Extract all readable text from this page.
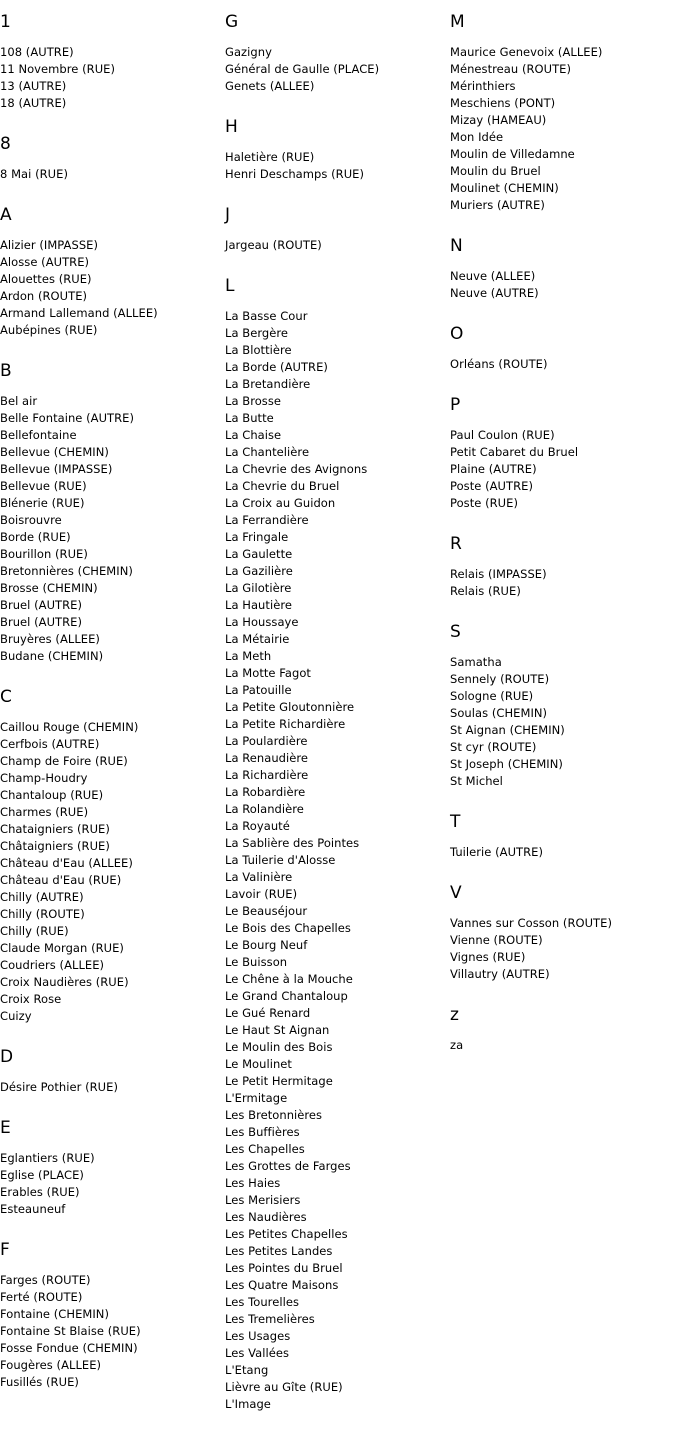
1
108 (AUTRE)
11 Novembre (RUE)
13 (AUTRE)
18 (AUTRE)
8
8 Mai (RUE)
A
Alizier (IMPASSE)
Alosse (AUTRE)
Alouettes (RUE)
Ardon (ROUTE)
Armand Lallemand (ALLEE)
Aubépines (RUE)
B
Bel air
Belle Fontaine (AUTRE)
Bellefontaine
Bellevue (CHEMIN)
Bellevue (IMPASSE)
Bellevue (RUE)
Blénerie (RUE)
Boisrouvre
Borde (RUE)
Bourillon (RUE)
Bretonnières (CHEMIN)
Brosse (CHEMIN)
Bruel (AUTRE)
Bruel (AUTRE)
Bruyères (ALLEE)
Budane (CHEMIN)
C
Caillou Rouge (CHEMIN)
Cerfbois (AUTRE)
Champ de Foire (RUE)
Champ-Houdry
Chantaloup (RUE)
Charmes (RUE)
Chataigniers (RUE)
Châtaigniers (RUE)
Château d'Eau (ALLEE)
Château d'Eau (RUE)
Chilly (AUTRE)
Chilly (ROUTE)
Chilly (RUE)
Claude Morgan (RUE)
Coudriers (ALLEE)
Croix Naudières (RUE)
Croix Rose
Cuizy
D
Désire Pothier (RUE)
E
Eglantiers (RUE)
Eglise (PLACE)
Erables (RUE)
Esteauneuf
F
Farges (ROUTE)
Ferté (ROUTE)
Fontaine (CHEMIN)
Fontaine St Blaise (RUE)
Fosse Fondue (CHEMIN)
Fougères (ALLEE)
Fusillés (RUE)
G
Gazigny
Général de Gaulle (PLACE)
Genets (ALLEE)
H
Haletière (RUE)
Henri Deschamps (RUE)
J
Jargeau (ROUTE)
L
La Basse Cour
La Bergère
La Blottière
La Borde (AUTRE)
La Bretandière
La Brosse
La Butte
La Chaise
La Chantelière
La Chevrie des Avignons
La Chevrie du Bruel
La Croix au Guidon
La Ferrandière
La Fringale
La Gaulette
La Gazilière
La Gilotière
La Hautière
La Houssaye
La Métairie
La Meth
La Motte Fagot
La Patouille
La Petite Gloutonnière
La Petite Richardière
La Poulardière
La Renaudière
La Richardière
La Robardière
La Rolandière
La Royauté
La Sablière des Pointes
La Tuilerie d'Alosse
La Valinière
Lavoir (RUE)
Le Beauséjour
Le Bois des Chapelles
Le Bourg Neuf
Le Buisson
Le Chêne à la Mouche
Le Grand Chantaloup
Le Gué Renard
Le Haut St Aignan
Le Moulin des Bois
Le Moulinet
Le Petit Hermitage
L'Ermitage
Les Bretonnières
Les Buffières
Les Chapelles
Les Grottes de Farges
Les Haies
Les Merisiers
Les Naudières
Les Petites Chapelles
Les Petites Landes
Les Pointes du Bruel
Les Quatre Maisons
Les Tourelles
Les Tremelières
Les Usages
Les Vallées
L'Etang
Lièvre au Gîte (RUE)
L'Image
M
Maurice Genevoix (ALLEE)
Ménestreau (ROUTE)
Mérinthiers
Meschiens (PONT)
Mizay (HAMEAU)
Mon Idée
Moulin de Villedamne
Moulin du Bruel
Moulinet (CHEMIN)
Muriers (AUTRE)
N
Neuve (ALLEE)
Neuve (AUTRE)
O
Orléans (ROUTE)
P
Paul Coulon (RUE)
Petit Cabaret du Bruel
Plaine (AUTRE)
Poste (AUTRE)
Poste (RUE)
R
Relais (IMPASSE)
Relais (RUE)
S
Samatha
Sennely (ROUTE)
Sologne (RUE)
Soulas (CHEMIN)
St Aignan (CHEMIN)
St cyr (ROUTE)
St Joseph (CHEMIN)
St Michel
T
Tuilerie (AUTRE)
V
Vannes sur Cosson (ROUTE)
Vienne (ROUTE)
Vignes (RUE)
Villautry (AUTRE)
z
za
